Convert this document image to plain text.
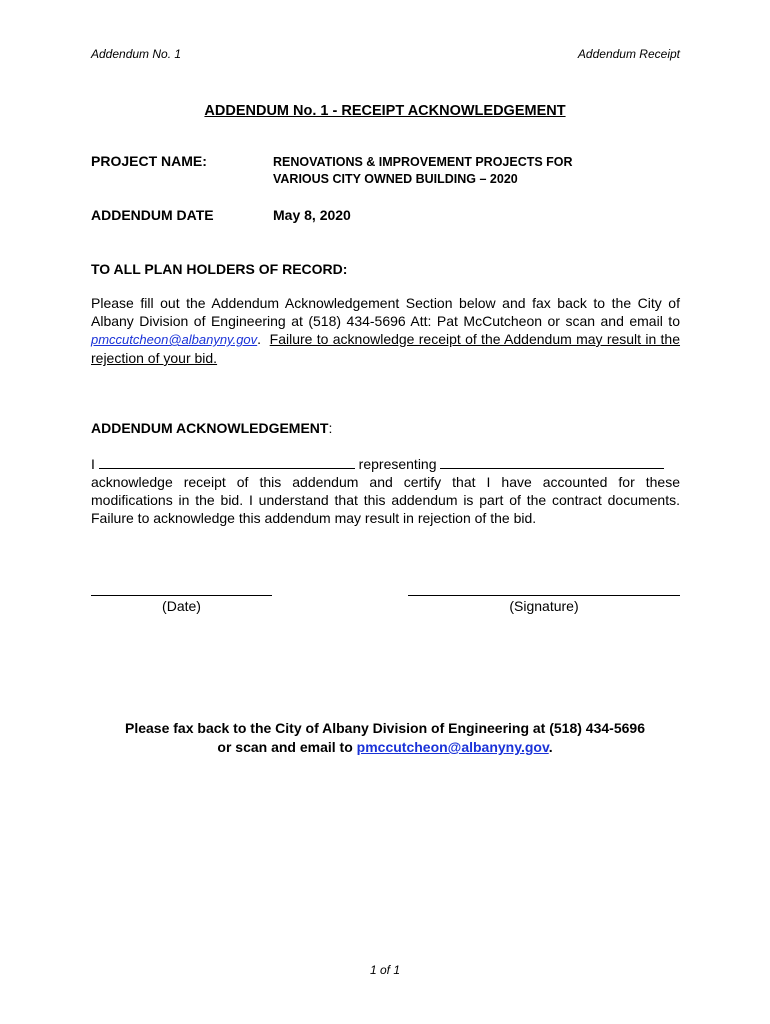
Addendum No. 1	Addendum Receipt
ADDENDUM No. 1 - RECEIPT ACKNOWLEDGEMENT
PROJECT NAME:	RENOVATIONS & IMPROVEMENT PROJECTS FOR
VARIOUS CITY OWNED BUILDING – 2020
ADDENDUM DATE	May 8, 2020
TO ALL PLAN HOLDERS OF RECORD:
Please fill out the Addendum Acknowledgement Section below and fax back to the City of Albany Division of Engineering at (518) 434-5696 Att: Pat McCutcheon or scan and email to pmccutcheon@albanyny.gov. Failure to acknowledge receipt of the Addendum may result in the rejection of your bid.
ADDENDUM ACKNOWLEDGEMENT:
I	representing
acknowledge receipt of this addendum and certify that I have accounted for these modifications in the bid. I understand that this addendum is part of the contract documents. Failure to acknowledge this addendum may result in rejection of the bid.
(Date)	(Signature)
Please fax back to the City of Albany Division of Engineering at (518) 434-5696
or scan and email to pmccutcheon@albanyny.gov.
1 of 1
